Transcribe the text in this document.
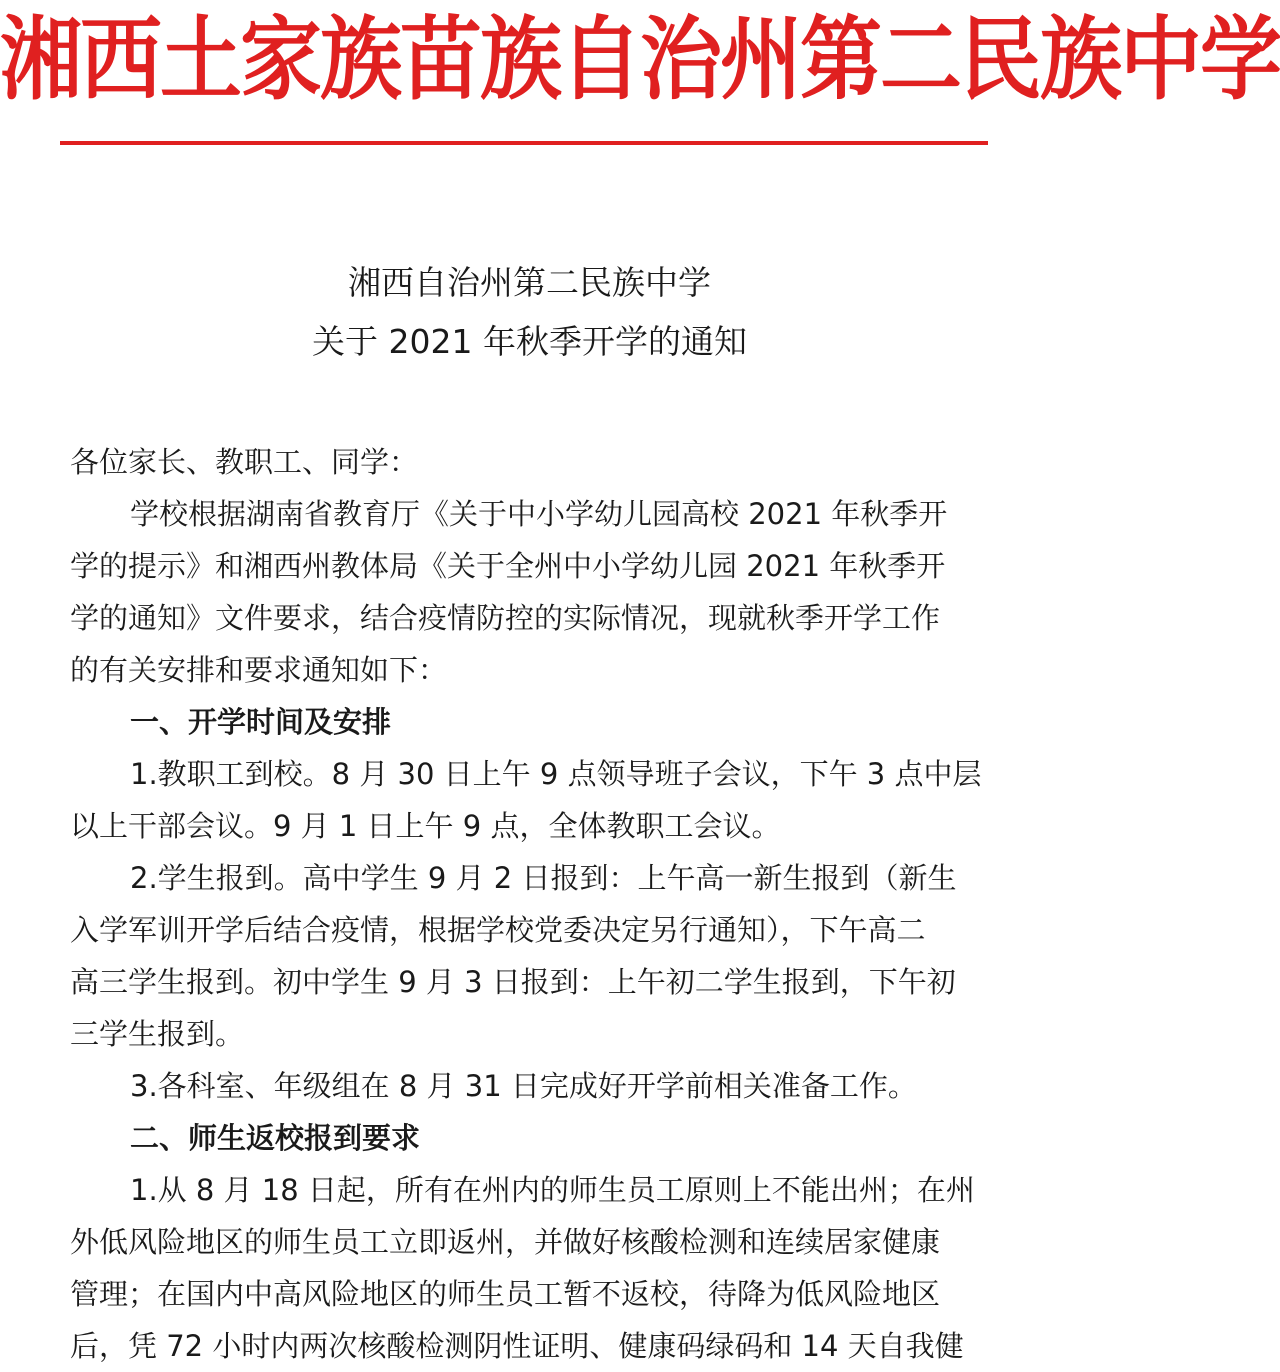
湘西土家族苗族自治州第二民族中学
湘西自治州第二民族中学
关于 2021 年秋季开学的通知
各位家长、教职工、同学：
学校根据湖南省教育厅《关于中小学幼儿园高校 2021 年秋季开
学的提示》和湘西州教体局《关于全州中小学幼儿园 2021 年秋季开
学的通知》文件要求，结合疫情防控的实际情况，现就秋季开学工作
的有关安排和要求通知如下：
一、开学时间及安排
1.教职工到校。8 月 30 日上午 9 点领导班子会议，下午 3 点中层
以上干部会议。9 月 1 日上午 9 点，全体教职工会议。
2.学生报到。高中学生 9 月 2 日报到：上午高一新生报到（新生
入学军训开学后结合疫情，根据学校党委决定另行通知），下午高二
高三学生报到。初中学生 9 月 3 日报到：上午初二学生报到，下午初
三学生报到。
3.各科室、年级组在 8 月 31 日完成好开学前相关准备工作。
二、师生返校报到要求
1.从 8 月 18 日起，所有在州内的师生员工原则上不能出州；在州
外低风险地区的师生员工立即返州，并做好核酸检测和连续居家健康
管理；在国内中高风险地区的师生员工暂不返校，待降为低风险地区
后，凭 72 小时内两次核酸检测阴性证明、健康码绿码和 14 天自我健
